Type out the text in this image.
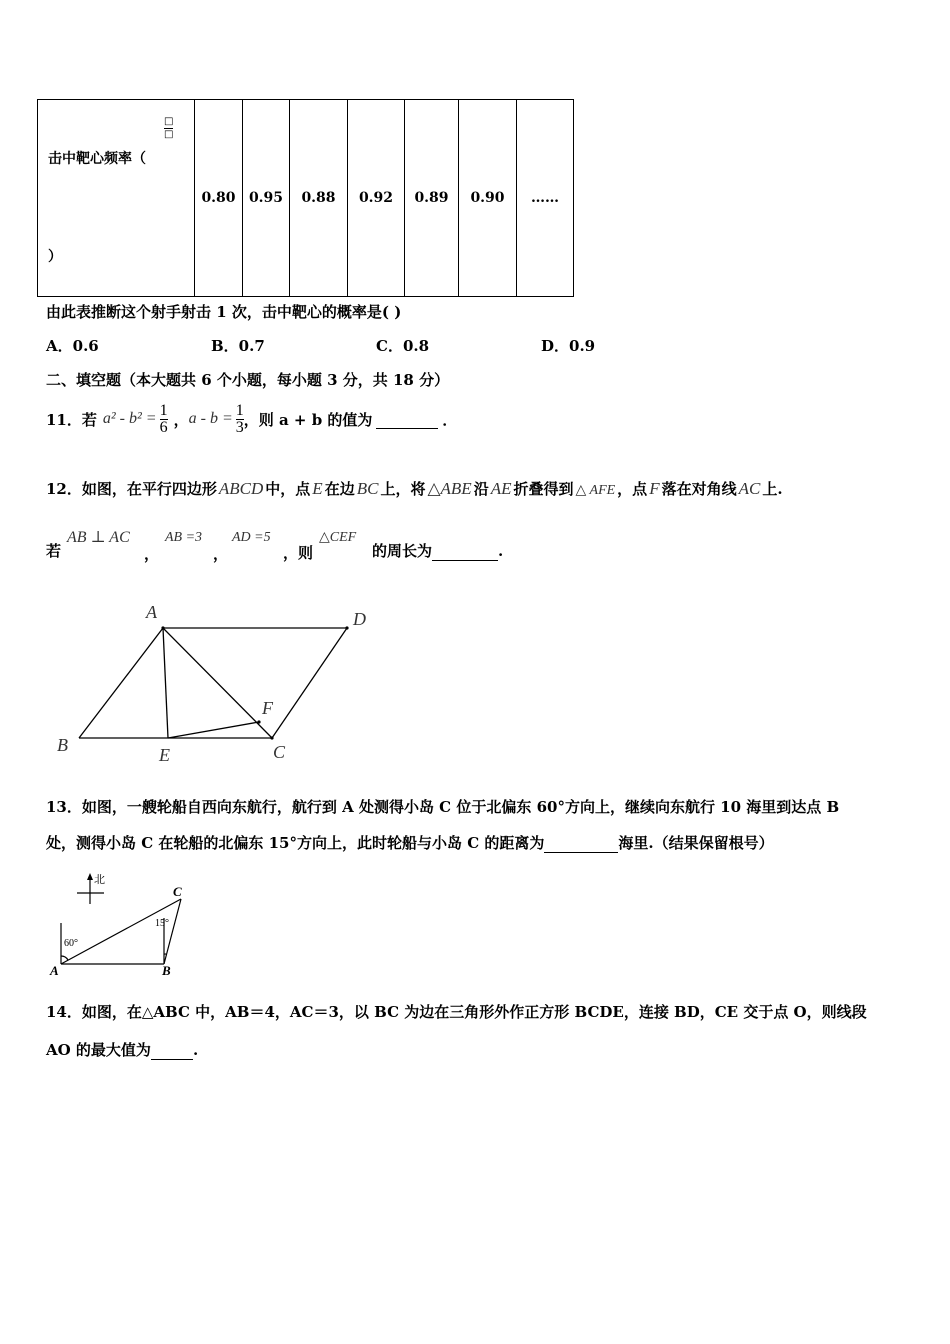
击中靶心频率（
□
□
）
	0.80	0.95	0.88	0.92	0.89	0.90	……
由此表推断这个射手射击 1 次，击中靶心的概率是( )
A．0.6	B．0.7	C．0.8	D．0.9
二、填空题（本大题共 6 个小题，每小题 3 分，共 18 分）
11．若 $a^2 - b^2 = \frac{1}{6}$ ， $a - b = \frac{1}{3}$ ，则 a + b 的值为
	．
12．如图，在平行四边形 ABCD 中，点 E 在边 BC 上，将 △ABE 沿 AE 折叠得到 △ AFE ，点 F 落在对角线 AC 上.
若
AB ⊥ AC
，
AB =3
，
AD =5
，则
△CEF
的周长为
	.
A	D
B	E	C
F
13．如图，一艘轮船自西向东航行，航行到 A 处测得小岛 C 位于北偏东 60°方向上，继续向东航行 10 海里到达点 B
处，测得小岛 C 在轮船的北偏东 15°方向上，此时轮船与小岛 C 的距离为
	海里.（结果保留根号）
北
60°
15°
A	B
C
14．如图，在△ABC 中，AB＝4，AC＝3，以 BC 为边在三角形外作正方形 BCDE，连接 BD，CE 交于点 O，则线段
AO 的最大值为
	.
